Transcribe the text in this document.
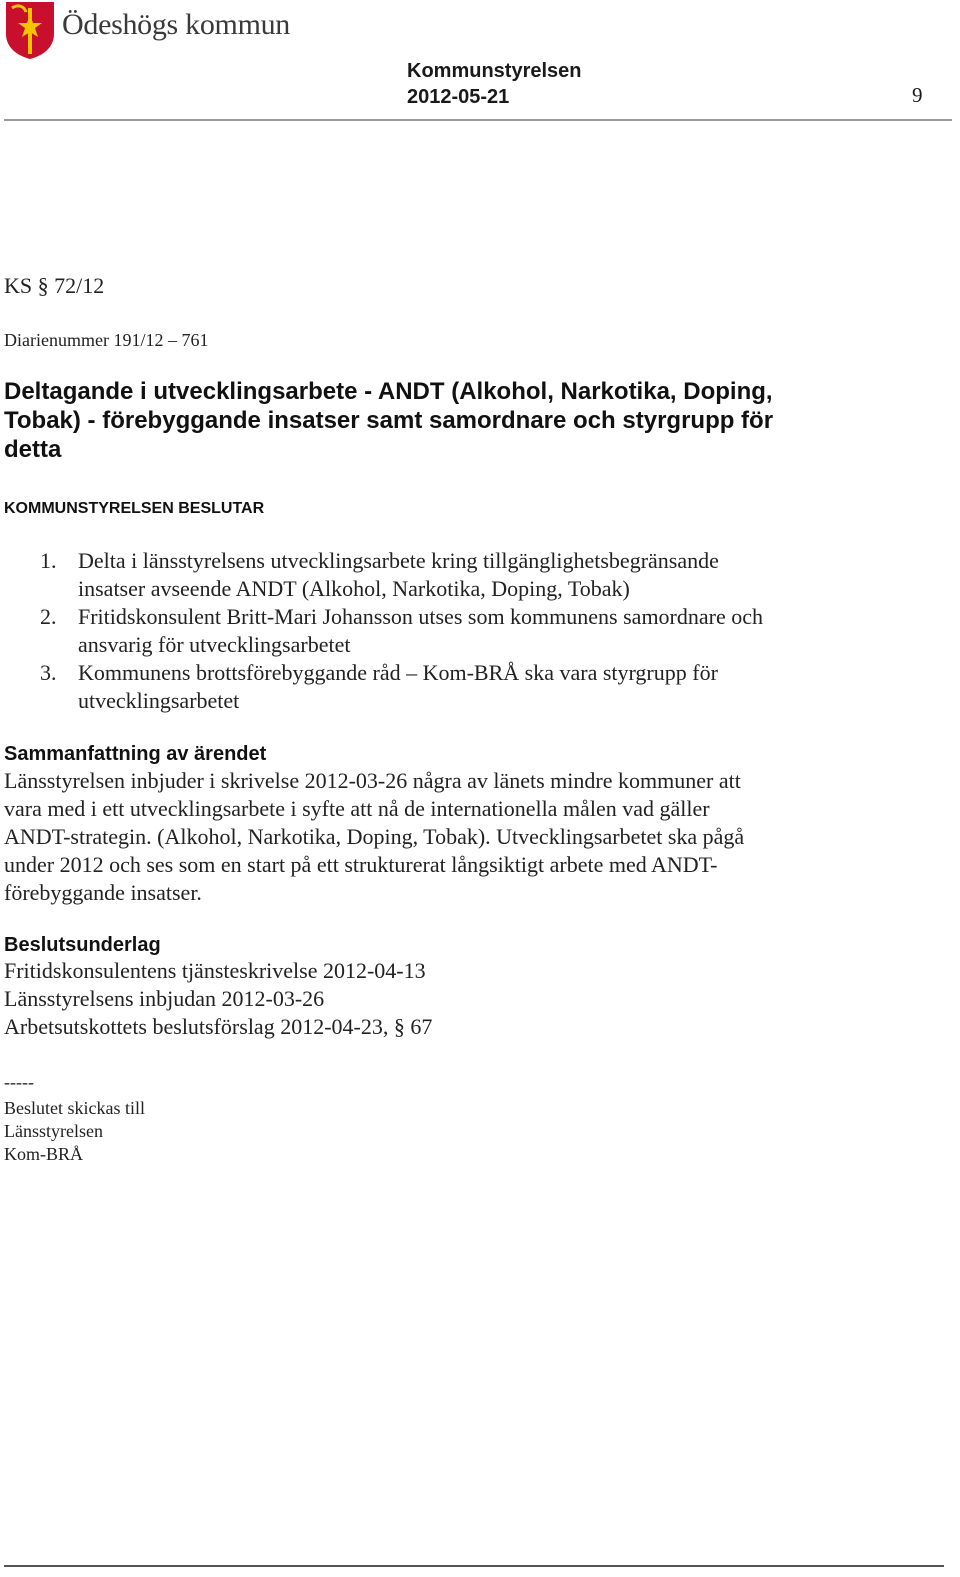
Ödeshögs kommun
Kommunstyrelsen
2012-05-21	9
KS § 72/12
Diarienummer 191/12 – 761
Deltagande i utvecklingsarbete - ANDT (Alkohol, Narkotika, Doping, Tobak) - förebyggande insatser samt samordnare och styrgrupp för detta
KOMMUNSTYRELSEN BESLUTAR
1. Delta i länsstyrelsens utvecklingsarbete kring tillgänglighetsbegränsande insatser avseende ANDT (Alkohol, Narkotika, Doping, Tobak)
2. Fritidskonsulent Britt-Mari Johansson utses som kommunens samordnare och ansvarig för utvecklingsarbetet
3. Kommunens brottsförebyggande råd – Kom-BRÅ ska vara styrgrupp för utvecklingsarbetet
Sammanfattning av ärendet
Länsstyrelsen inbjuder i skrivelse 2012-03-26 några av länets mindre kommuner att vara med i ett utvecklingsarbete i syfte att nå de internationella målen vad gäller ANDT-strategin. (Alkohol, Narkotika, Doping, Tobak). Utvecklingsarbetet ska pågå under 2012 och ses som en start på ett strukturerat långsiktigt arbete med ANDT-förebyggande insatser.
Beslutsunderlag
Fritidskonsulentens tjänsteskrivelse 2012-04-13
Länsstyrelsens inbjudan 2012-03-26
Arbetsutskottets beslutsförslag 2012-04-23, § 67
-----
Beslutet skickas till
Länsstyrelsen
Kom-BRÅ
